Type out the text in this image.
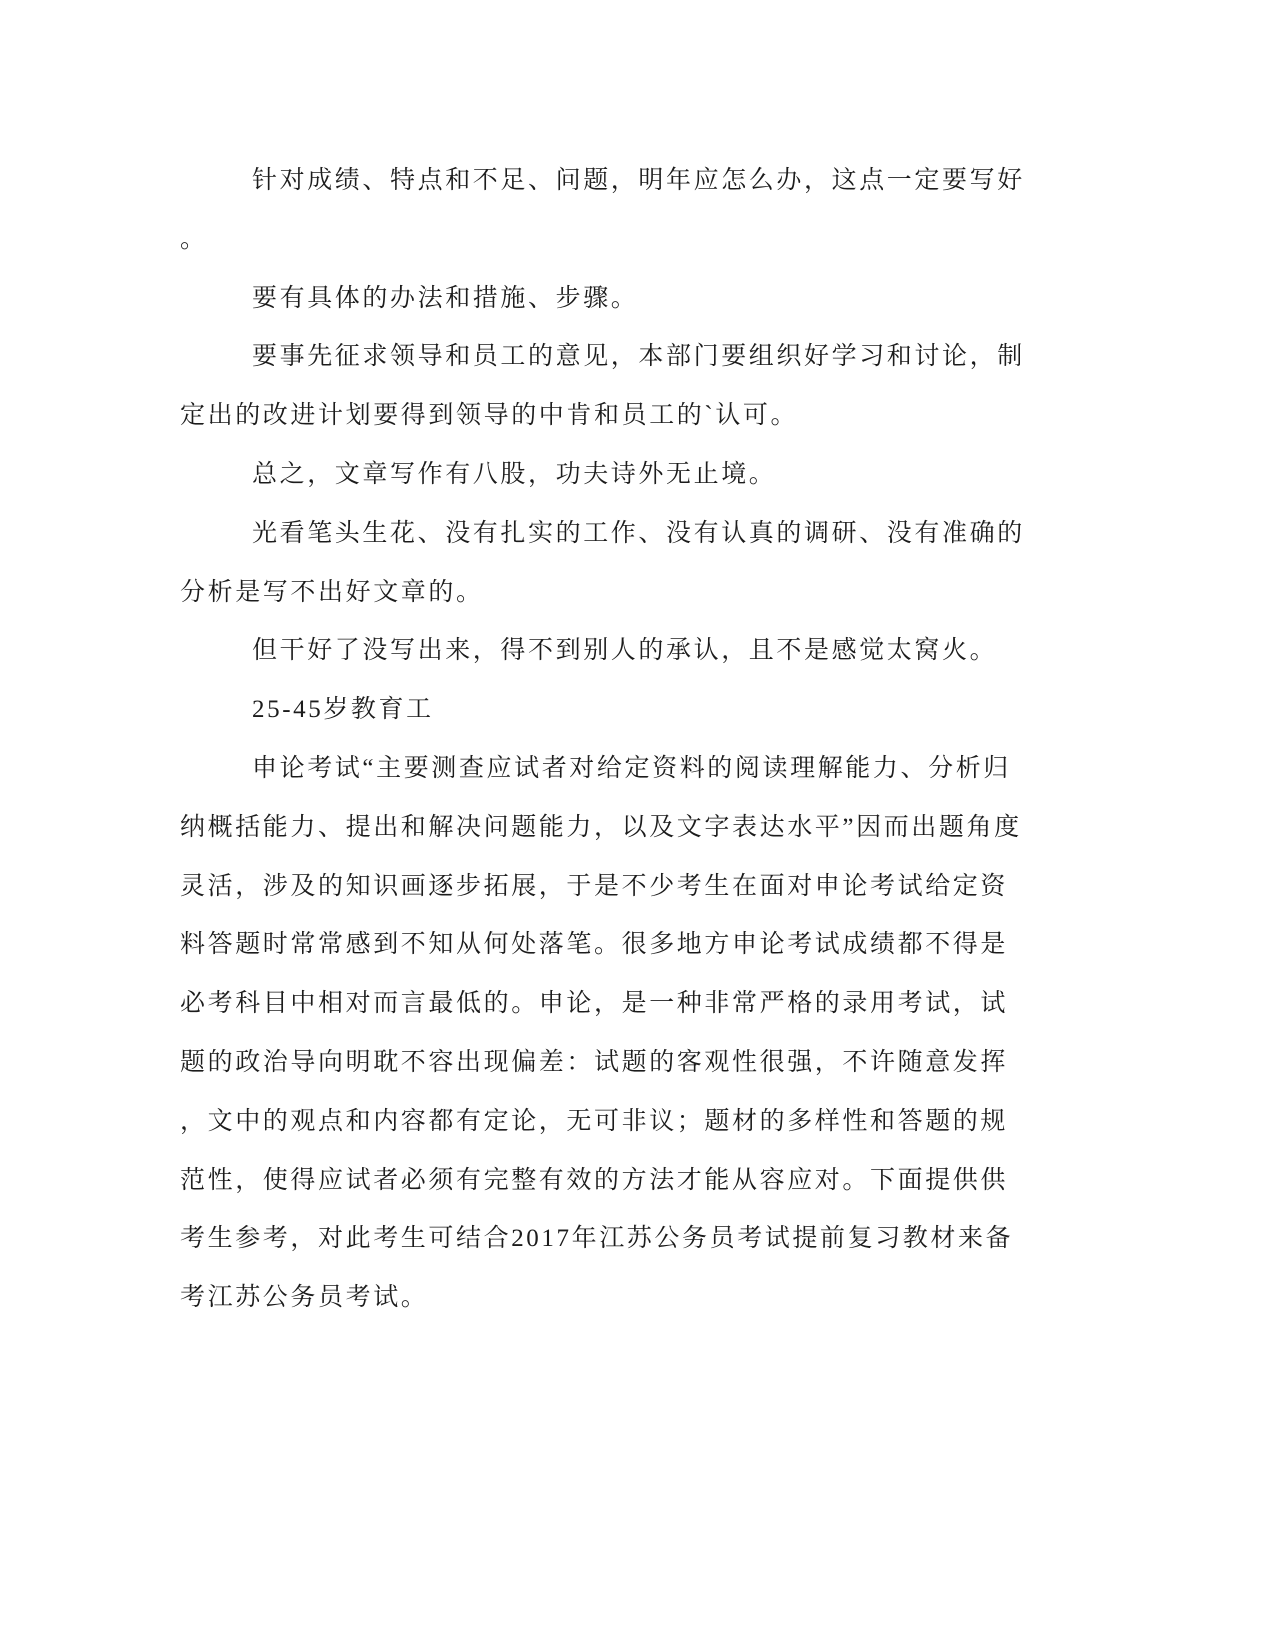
针对成绩、特点和不足、问题，明年应怎么办，这点一定要写好
。
要有具体的办法和措施、步骤。
要事先征求领导和员工的意见，本部门要组织好学习和讨论，制
定出的改进计划要得到领导的中肯和员工的`认可。
总之，文章写作有八股，功夫诗外无止境。
光看笔头生花、没有扎实的工作、没有认真的调研、没有准确的
分析是写不出好文章的。
但干好了没写出来，得不到别人的承认，且不是感觉太窝火。
25-45岁教育工
申论考试“主要测查应试者对给定资料的阅读理解能力、分析归
纳概括能力、提出和解决问题能力，以及文字表达水平”因而出题角度
灵活，涉及的知识画逐步拓展，于是不少考生在面对申论考试给定资
料答题时常常感到不知从何处落笔。很多地方申论考试成绩都不得是
必考科目中相对而言最低的。申论，是一种非常严格的录用考试，试
题的政治导向明耽不容出现偏差：试题的客观性很强，不许随意发挥
，文中的观点和内容都有定论，无可非议；题材的多样性和答题的规
范性，使得应试者必须有完整有效的方法才能从容应对。下面提供供
考生参考，对此考生可结合2017年江苏公务员考试提前复习教材来备
考江苏公务员考试。
